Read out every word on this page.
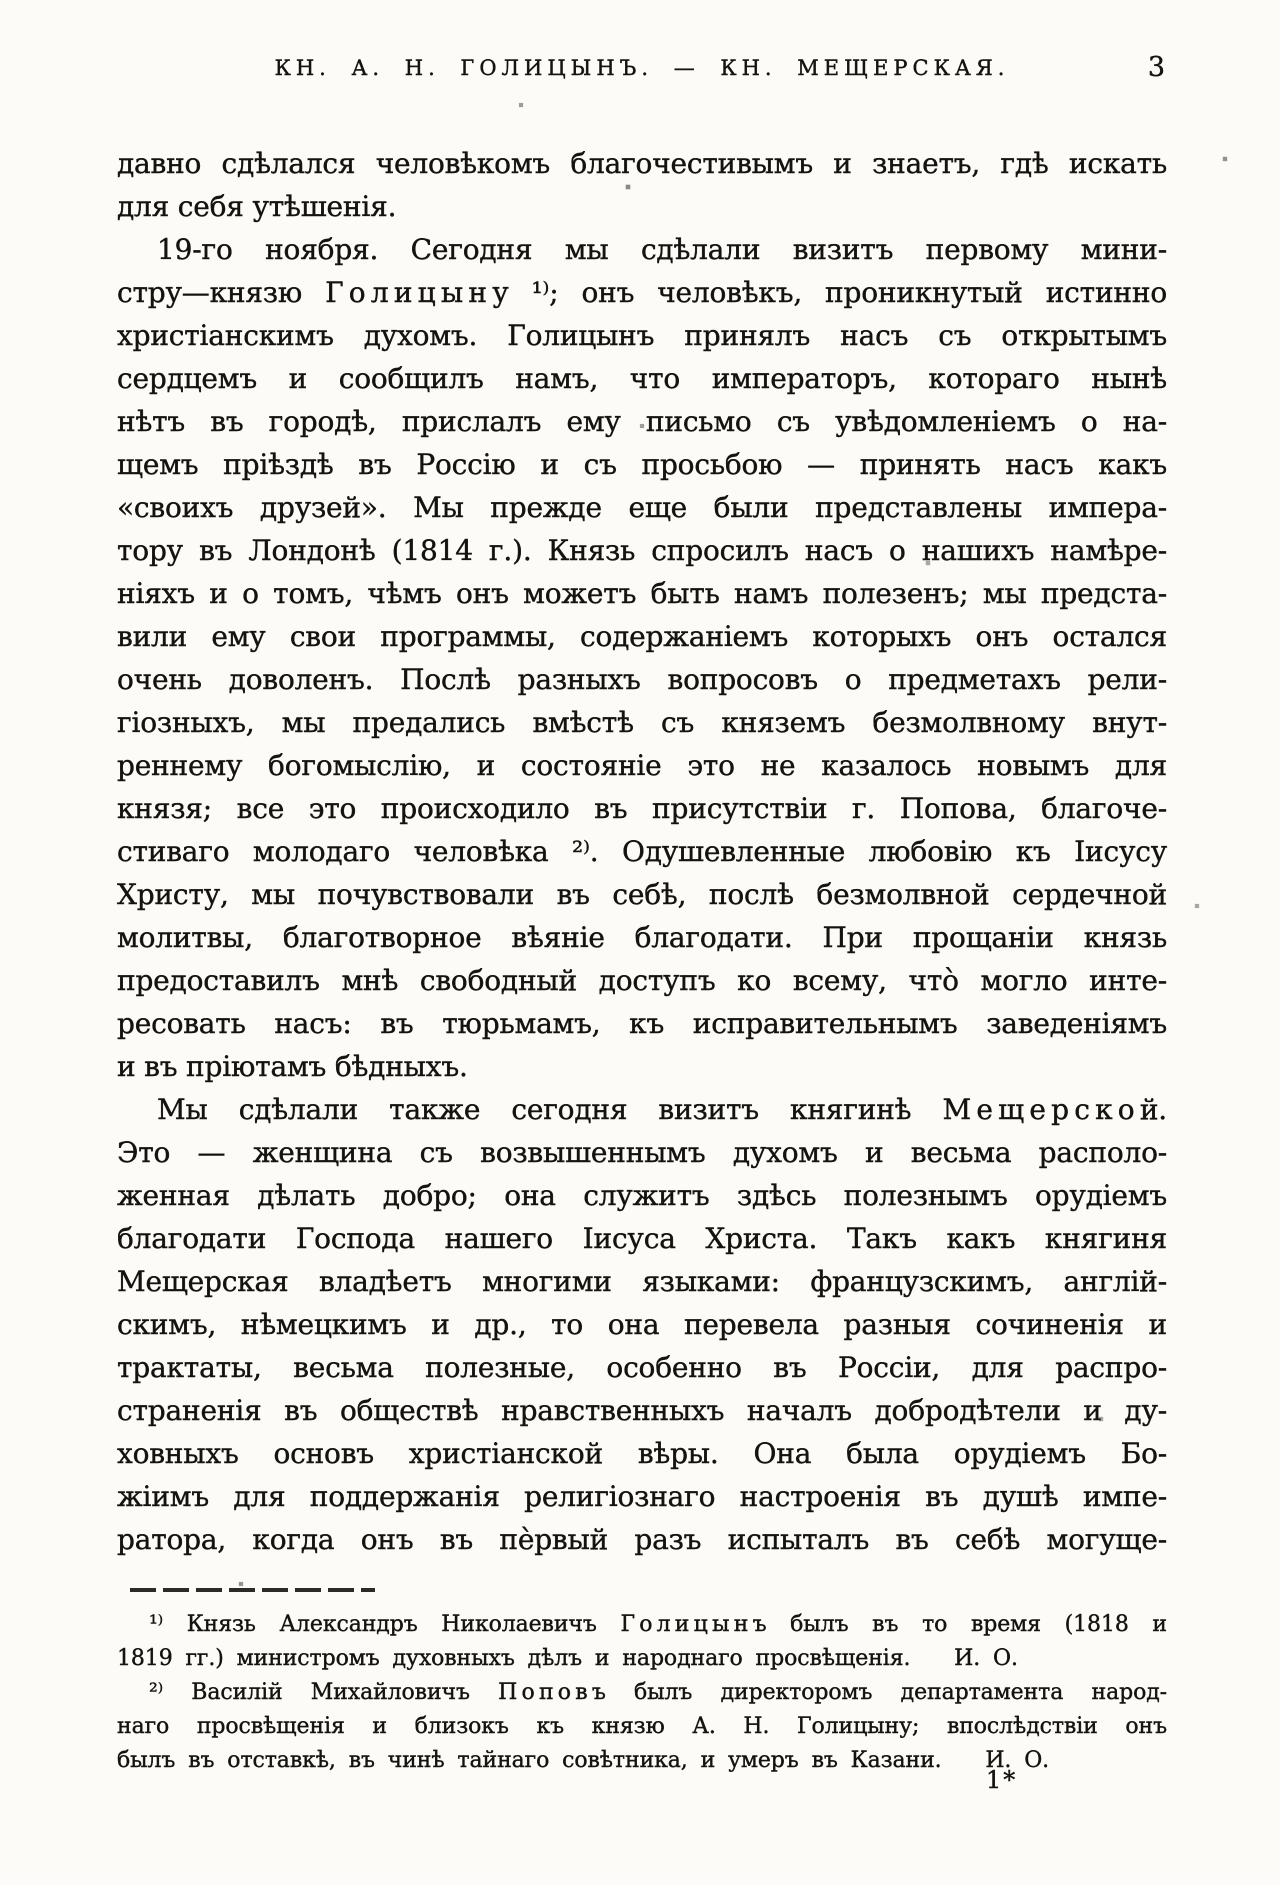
КН. А. Н. ГОЛИЦЫНЪ. — КН. МЕЩЕРСКАЯ.	3
давно сдѣлался человѣкомъ благочестивымъ и знаетъ, гдѣ искать
для себя утѣшенія.
19-го ноября. Сегодня мы сдѣлали визитъ первому мини-
стру—князю Г о л и ц ы н у ¹⁾; онъ человѣкъ, проникнутый истинно
христіанскимъ духомъ. Голицынъ принялъ насъ съ открытымъ
сердцемъ и сообщилъ намъ, что императоръ, котораго нынѣ
нѣтъ въ городѣ, прислалъ ему письмо съ увѣдомленіемъ о на-
щемъ пріѣздѣ въ Россію и съ просьбою — принять насъ какъ
«своихъ друзей». Мы прежде еще были представлены импера-
тору въ Лондонѣ (1814 г.). Князь спросилъ насъ о нашихъ намѣре-
ніяхъ и о томъ, чѣмъ онъ можетъ быть намъ полезенъ; мы предста-
вили ему свои программы, содержаніемъ которыхъ онъ остался
очень доволенъ. Послѣ разныхъ вопросовъ о предметахъ рели-
гіозныхъ, мы предались вмѣстѣ съ княземъ безмолвному внут-
реннему богомыслію, и состояніе это не казалось новымъ для
князя; все это происходило въ присутствіи г. Попова, благоче-
стиваго молодаго человѣка ²⁾. Одушевленные любовію къ Іисусу
Христу, мы почувствовали въ себѣ, послѣ безмолвной сердечной
молитвы, благотворное вѣяніе благодати. При прощаніи князь
предоставилъ мнѣ свободный доступъ ко всему, что̀ могло инте-
ресовать насъ: въ тюрьмамъ, къ исправительнымъ заведеніямъ
и въ пріютамъ бѣдныхъ.
Мы сдѣлали также сегодня визитъ княгинѣ М е щ е р с к о й.
Это — женщина съ возвышеннымъ духомъ и весьма располо-
женная дѣлать добро; она служитъ здѣсь полезнымъ орудіемъ
благодати Господа нашего Іисуса Христа. Такъ какъ княгиня
Мещерская владѣетъ многими языками: французскимъ, англій-
скимъ, нѣмецкимъ и др., то она перевела разныя сочиненія и
трактаты, весьма полезные, особенно въ Россіи, для распро-
страненія въ обществѣ нравственныхъ началъ добродѣтели и ду-
ховныхъ основъ христіанской вѣры. Она была орудіемъ Бо-
жіимъ для поддержанія религіознаго настроенія въ душѣ импе-
ратора, когда онъ въ пѐрвый разъ испыталъ въ себѣ могуще-
¹⁾ Князь Александръ Николаевичъ Г о л и ц ы н ъ былъ въ то время (1818 и
1819 гг.) министромъ духовныхъ дѣлъ и народнаго просвѣщенія.  И. О.
²⁾ Василій Михайловичъ П о п о в ъ былъ директоромъ департамента народ-
наго просвѣщенія и близокъ къ князю А. Н. Голицыну; впослѣдствіи онъ
былъ въ отставкѣ, въ чинѣ тайнаго совѣтника, и умеръ въ Казани.  И. О.
1*
